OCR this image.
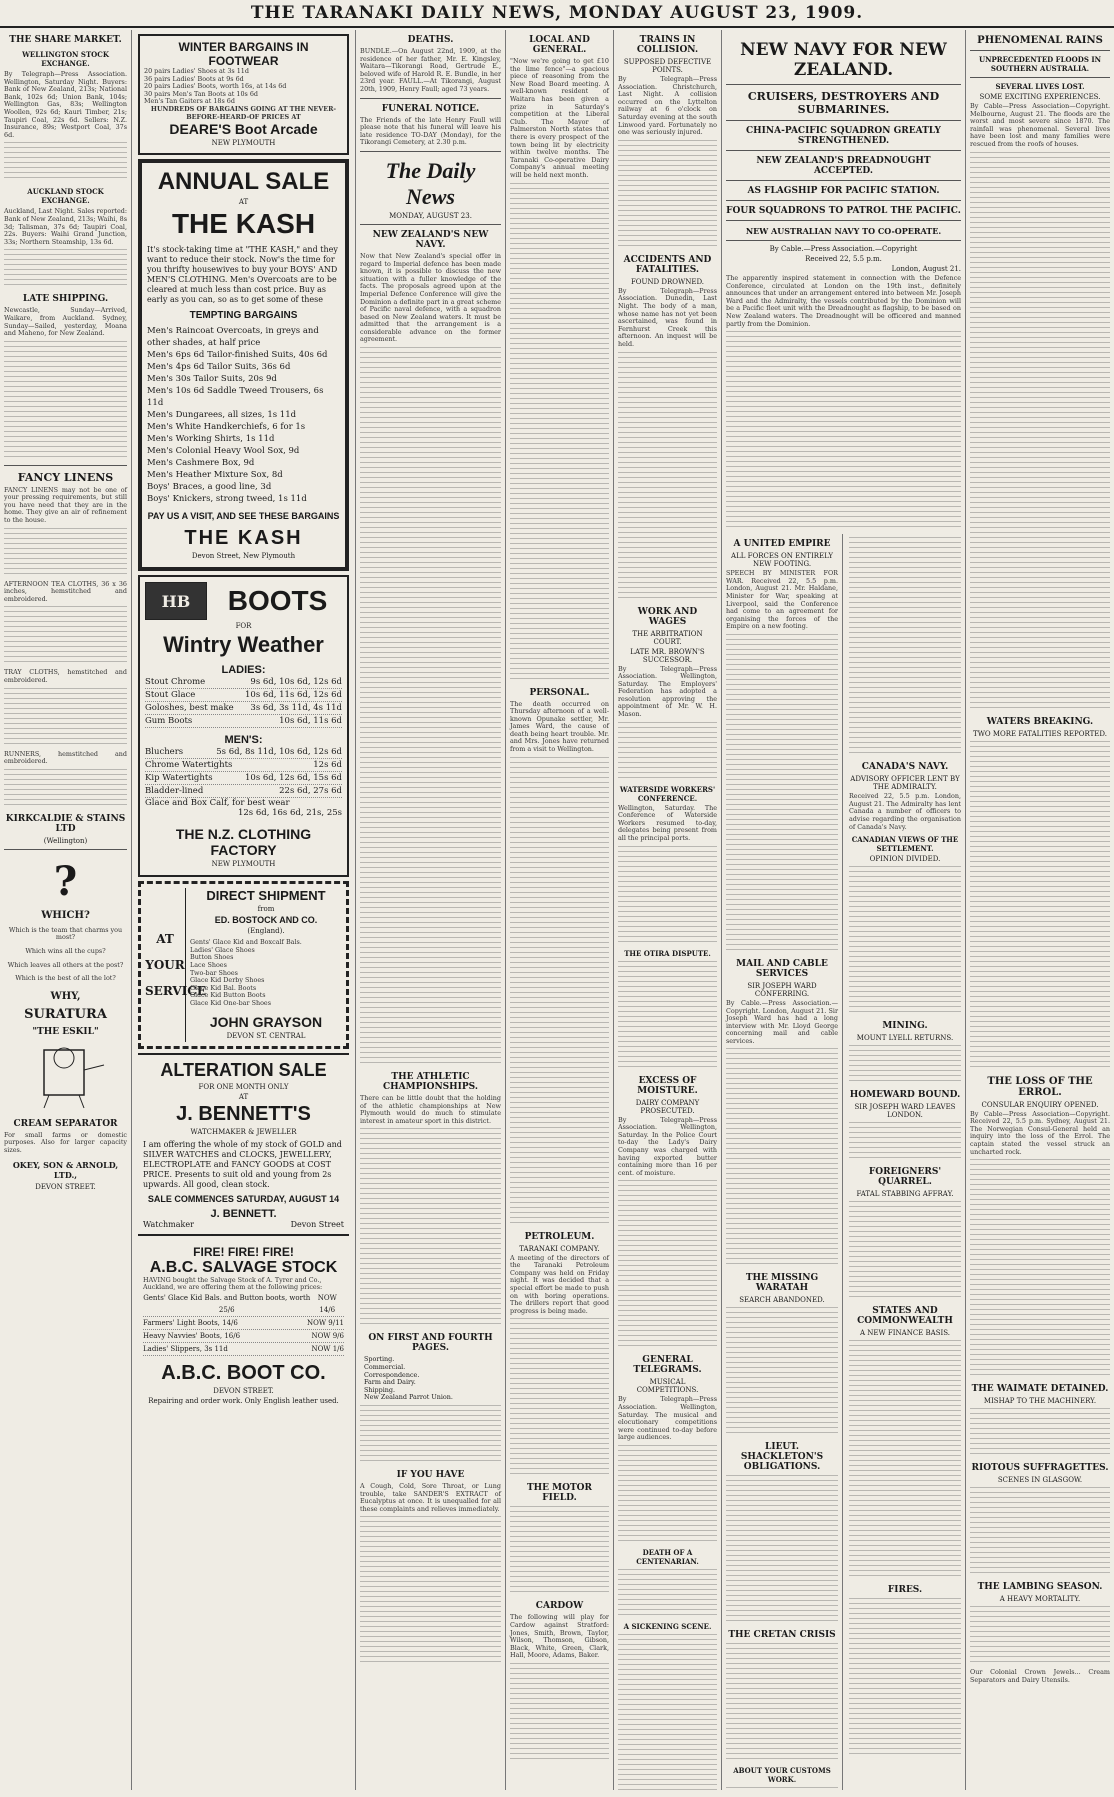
THE TARANAKI DAILY NEWS, MONDAY AUGUST 23, 1909.
THE SHARE MARKET.
WELLINGTON STOCK EXCHANGE.
By Telegraph—Press Association. Wellington, Saturday Night. Buyers: Bank of New Zealand, 213s; National Bank, 102s 6d; Union Bank, 104s; Wellington Gas, 83s; Wellington Woollen, 92s 6d; Kauri Timber, 21s; Taupiri Coal, 22s 6d. Sellers: N.Z. Insurance, 89s; Westport Coal, 37s 6d.
AUCKLAND STOCK EXCHANGE.
Auckland, Last Night. Sales reported: Bank of New Zealand, 213s; Waihi, 8s 3d; Talisman, 37s 6d; Taupiri Coal, 22s. Buyers: Waihi Grand Junction, 33s; Northern Steamship, 13s 6d.
LATE SHIPPING.
Newcastle, Sunday—Arrived, Waikare, from Auckland. Sydney, Sunday—Sailed, yesterday, Moana and Maheno, for New Zealand.
FANCY LINENS
FANCY LINENS may not be one of your pressing requirements, but still you have need that they are in the home. They give an air of refinement to the house.
AFTERNOON TEA CLOTHS, 36 x 36 inches, hemstitched and embroidered.
TRAY CLOTHS, hemstitched and embroidered.
RUNNERS, hemstitched and embroidered.
KIRKCALDIE & STAINS LTD
(Wellington)
?
WHICH?
Which is the team that charms you most?
Which wins all the cups?
Which leaves all others at the post?
Which is the best of all the lot?
WHY,
SURATURA
"THE ESKIL"
CREAM SEPARATOR
For small farms or domestic purposes. Also for larger capacity sizes.
OKEY, SON & ARNOLD, LTD.,
DEVON STREET.
WINTER BARGAINS IN FOOTWEAR
20 pairs Ladies' Shoes at 3s 11d
36 pairs Ladies' Boots at 9s 6d
20 pairs Ladies' Boots, worth 16s, at 14s 6d
30 pairs Men's Tan Boots at 10s 6d
Men's Tan Gaiters at 18s 6d
HUNDREDS OF BARGAINS GOING AT THE NEVER-BEFORE-HEARD-OF PRICES AT
DEARE'S Boot Arcade
NEW PLYMOUTH
ANNUAL SALE
AT
THE KASH
It's stock-taking time at "THE KASH," and they want to reduce their stock. Now's the time for you thrifty housewives to buy your BOYS' AND MEN'S CLOTHING. Men's Overcoats are to be cleared at much less than cost price. Buy as early as you can, so as to get some of these
TEMPTING BARGAINS
Men's Raincoat Overcoats, in greys and other shades, at half price
Men's 6ps 6d Tailor-finished Suits, 40s 6d
Men's 4ps 6d Tailor Suits, 36s 6d
Men's 30s Tailor Suits, 20s 9d
Men's 10s 6d Saddle Tweed Trousers, 6s 11d
Men's Dungarees, all sizes, 1s 11d
Men's White Handkerchiefs, 6 for 1s
Men's Working Shirts, 1s 11d
Men's Colonial Heavy Wool Sox, 9d
Men's Cashmere Box, 9d
Men's Heather Mixture Sox, 8d
Boys' Braces, a good line, 3d
Boys' Knickers, strong tweed, 1s 11d
PAY US A VISIT, AND SEE THESE BARGAINS
THE KASH
Devon Street, New Plymouth
HB	BOOTS
FOR
Wintry Weather
LADIES:
Stout Chrome	9s 6d, 10s 6d, 12s 6d
Stout Glace	10s 6d, 11s 6d, 12s 6d
Goloshes, best make 3s 6d, 3s 11d, 4s 11d
Gum Boots	10s 6d, 11s 6d
MEN'S:
Bluchers	5s 6d, 8s 11d, 10s 6d, 12s 6d
Chrome Watertights	12s 6d
Kip Watertights	10s 6d, 12s 6d, 15s 6d
Bladder-lined	22s 6d, 27s 6d
Glace and Box Calf, for best wear
12s 6d, 16s 6d, 21s, 25s
THE N.Z. CLOTHING FACTORY
NEW PLYMOUTH
AT
YOUR
SERVICE
DIRECT SHIPMENT
from
ED. BOSTOCK AND CO.
(England).
Gents' Glace Kid and Boxcalf Bals.
Ladies' Glace Shoes
Button Shoes
Lace Shoes
Two-bar Shoes
Glace Kid Derby Shoes
Glace Kid Bal. Boots
Glace Kid Button Boots
Glace Kid One-bar Shoes
JOHN GRAYSON
DEVON ST. CENTRAL
ALTERATION SALE
FOR ONE MONTH ONLY
AT
J. BENNETT'S
WATCHMAKER & JEWELLER
I am offering the whole of my stock of GOLD and SILVER WATCHES and CLOCKS, JEWELLERY, ELECTROPLATE and FANCY GOODS at COST PRICE. Presents to suit old and young from 2s upwards. All good, clean stock.
SALE COMMENCES SATURDAY, AUGUST 14
J. BENNETT.
Watchmaker	Devon Street
FIRE! FIRE! FIRE!
A.B.C. SALVAGE STOCK
HAVING bought the Salvage Stock of A. Tyrer and Co., Auckland, we are offering them at the following prices:
Gents' Glace Kid Bals. and Button boots, worth 25/6
NOW 14/6
Farmers' Light Boots, 14/6	NOW 9/11
Heavy Navvies' Boots, 16/6	NOW 9/6
Ladies' Slippers, 3s 11d	NOW 1/6
A.B.C. BOOT CO.
DEVON STREET.
Repairing and order work. Only English leather used.
DEATHS.
BUNDLE.—On August 22nd, 1909, at the residence of her father, Mr. E. Kingsley, Waitara—Tikorangi Road, Gertrude E., beloved wife of Harold R. E. Bundle, in her 23rd year. FAULL.—At Tikorangi, August 20th, 1909, Henry Faull; aged 73 years.
FUNERAL NOTICE.
The Friends of the late Henry Faull will please note that his funeral will leave his late residence TO-DAY (Monday), for the Tikorangi Cemetery, at 2.30 p.m.
The Daily News
MONDAY, AUGUST 23.
NEW ZEALAND'S NEW NAVY.
Now that New Zealand's special offer in regard to Imperial defence has been made known, it is possible to discuss the new situation with a fuller knowledge of the facts. The proposals agreed upon at the Imperial Defence Conference will give the Dominion a definite part in a great scheme of Pacific naval defence, with a squadron based on New Zealand waters. It must be admitted that the arrangement is a considerable advance on the former agreement.
THE ATHLETIC CHAMPIONSHIPS.
There can be little doubt that the holding of the athletic championships at New Plymouth would do much to stimulate interest in amateur sport in this district.
ON FIRST AND FOURTH PAGES.
Sporting.
Commercial.
Correspondence.
Farm and Dairy.
Shipping.
New Zealand Parrot Union.
IF YOU HAVE
A Cough, Cold, Sore Throat, or Lung trouble, take SANDER'S EXTRACT of Eucalyptus at once. It is unequalled for all these complaints and relieves immediately.
LOCAL AND GENERAL.
"Now we're going to get £10 the lime fence"—a spacious piece of reasoning from the New Road Board meeting. A well-known resident of Waitara has been given a prize in Saturday's competition at the Liberal Club. The Mayor of Palmerston North states that there is every prospect of the town being lit by electricity within twelve months. The Taranaki Co-operative Dairy Company's annual meeting will be held next month.
PERSONAL.
The death occurred on Thursday afternoon of a well-known Opunake settler, Mr. James Ward, the cause of death being heart trouble. Mr. and Mrs. Jones have returned from a visit to Wellington.
PETROLEUM.
TARANAKI COMPANY.
A meeting of the directors of the Taranaki Petroleum Company was held on Friday night. It was decided that a special effort be made to push on with boring operations. The drillers report that good progress is being made.
THE MOTOR FIELD.
CARDOW
The following will play for Cardow against Stratford: Jones, Smith, Brown, Taylor, Wilson, Thomson, Gibson, Black, White, Green, Clark, Hall, Moore, Adams, Baker.
TRAINS IN COLLISION.
SUPPOSED DEFECTIVE POINTS.
By Telegraph—Press Association. Christchurch, Last Night. A collision occurred on the Lyttelton railway at 6 o'clock on Saturday evening at the south Linwood yard. Fortunately no one was seriously injured.
ACCIDENTS AND FATALITIES.
FOUND DROWNED.
By Telegraph—Press Association. Dunedin, Last Night. The body of a man, whose name has not yet been ascertained, was found in Fernhurst Creek this afternoon. An inquest will be held.
WORK AND WAGES
THE ARBITRATION COURT.
LATE MR. BROWN'S SUCCESSOR.
By Telegraph—Press Association. Wellington, Saturday. The Employers' Federation has adopted a resolution approving the appointment of Mr. W. H. Mason.
WATERSIDE WORKERS' CONFERENCE.
Wellington, Saturday. The Conference of Waterside Workers resumed to-day, delegates being present from all the principal ports.
THE OTIRA DISPUTE.
EXCESS OF MOISTURE.
DAIRY COMPANY PROSECUTED.
By Telegraph—Press Association. Wellington, Saturday. In the Police Court to-day the Lady's Dairy Company was charged with having exported butter containing more than 16 per cent. of moisture.
GENERAL TELEGRAMS.
MUSICAL COMPETITIONS.
By Telegraph—Press Association. Wellington, Saturday. The musical and elocutionary competitions were continued to-day before large audiences.
DEATH OF A CENTENARIAN.
A SICKENING SCENE.
NEW NAVY FOR NEW ZEALAND.
CRUISERS, DESTROYERS AND SUBMARINES.
CHINA-PACIFIC SQUADRON GREATLY STRENGTHENED.
NEW ZEALAND'S DREADNOUGHT ACCEPTED.
AS FLAGSHIP FOR PACIFIC STATION.
FOUR SQUADRONS TO PATROL THE PACIFIC.
NEW AUSTRALIAN NAVY TO CO-OPERATE.
By Cable.—Press Association.—Copyright
Received 22, 5.5 p.m.
London, August 21.
The apparently inspired statement in connection with the Defence Conference, circulated at London on the 19th inst., definitely announces that under an arrangement entered into between Mr. Joseph Ward and the Admiralty, the vessels contributed by the Dominion will be a Pacific fleet unit with the Dreadnought as flagship, to be based on New Zealand waters. The Dreadnought will be officered and manned partly from the Dominion.
A UNITED EMPIRE
ALL FORCES ON ENTIRELY NEW FOOTING.
SPEECH BY MINISTER FOR WAR. Received 22, 5.5 p.m. London, August 21. Mr. Haldane, Minister for War, speaking at Liverpool, said the Conference had come to an agreement for organising the forces of the Empire on a new footing.
MAIL AND CABLE SERVICES
SIR JOSEPH WARD CONFERRING.
By Cable.—Press Association.—Copyright. London, August 21. Sir Joseph Ward has had a long interview with Mr. Lloyd George concerning mail and cable services.
THE MISSING WARATAH
SEARCH ABANDONED.
LIEUT. SHACKLETON'S OBLIGATIONS.
THE CRETAN CRISIS
ABOUT YOUR CUSTOMS WORK.
CANADA'S NAVY.
ADVISORY OFFICER LENT BY THE ADMIRALTY.
Received 22, 5.5 p.m. London, August 21. The Admiralty has lent Canada a number of officers to advise regarding the organisation of Canada's Navy.
CANADIAN VIEWS OF THE SETTLEMENT.
OPINION DIVIDED.
MINING.
MOUNT LYELL RETURNS.
HOMEWARD BOUND.
SIR JOSEPH WARD LEAVES LONDON.
FOREIGNERS' QUARREL.
FATAL STABBING AFFRAY.
STATES AND COMMONWEALTH
A NEW FINANCE BASIS.
FIRES.
PHENOMENAL RAINS
UNPRECEDENTED FLOODS IN SOUTHERN AUSTRALIA.
SEVERAL LIVES LOST.
SOME EXCITING EXPERIENCES.
By Cable—Press Association—Copyright. Melbourne, August 21. The floods are the worst and most severe since 1870. The rainfall was phenomenal. Several lives have been lost and many families were rescued from the roofs of houses.
WATERS BREAKING.
TWO MORE FATALITIES REPORTED.
THE LOSS OF THE ERROL.
CONSULAR ENQUIRY OPENED.
By Cable—Press Association—Copyright. Received 22, 5.5 p.m. Sydney, August 21. The Norwegian Consul-General held an inquiry into the loss of the Errol. The captain stated the vessel struck an uncharted rock.
THE WAIMATE DETAINED.
MISHAP TO THE MACHINERY.
RIOTOUS SUFFRAGETTES.
SCENES IN GLASGOW.
THE LAMBING SEASON.
A HEAVY MORTALITY.
Our Colonial Crown Jewels... Cream Separators and Dairy Utensils.
